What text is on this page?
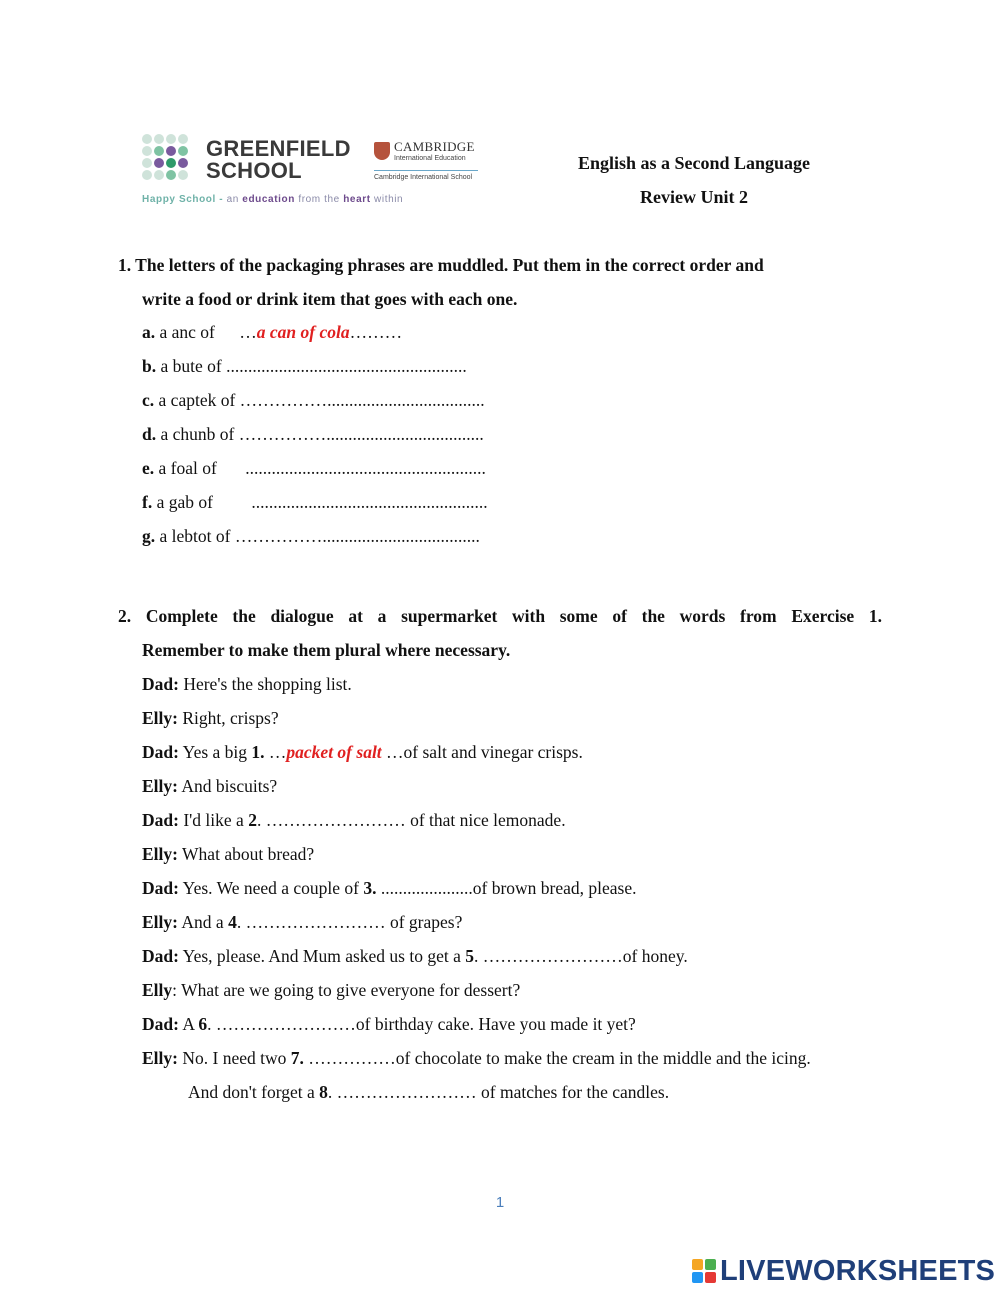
GREENFIELD
SCHOOL
CAMBRIDGE
International Education
Cambridge International School
Happy School - an education from the heart within
English as a Second Language
Review Unit 2
1. The letters of the packaging phrases are muddled. Put them in the correct order and
write a food or drink item that goes with each one.
a. a anc of …a can of cola………
b. a bute of .......................................................
c. a captek of ……………....................................
d. a chunb of ……………....................................
e. a foal of .......................................................
f. a gab of ......................................................
g. a lebtot of ……………....................................
2. Complete the dialogue at a supermarket with some of the words from Exercise 1.
Remember to make them plural where necessary.
Dad: Here's the shopping list.
Elly: Right, crisps?
Dad: Yes a big 1. …packet of salt …of salt and vinegar crisps.
Elly: And biscuits?
Dad: I'd like a 2. …………………… of that nice lemonade.
Elly: What about bread?
Dad: Yes. We need a couple of 3. .....................of brown bread, please.
Elly: And a 4. …………………… of grapes?
Dad: Yes, please. And Mum asked us to get a 5. ……………………of honey.
Elly: What are we going to give everyone for dessert?
Dad: A 6. ……………………of birthday cake. Have you made it yet?
Elly: No. I need two 7. ……………of chocolate to make the cream in the middle and the icing.
And don't forget a 8. …………………… of matches for the candles.
1
LIVEWORKSHEETS
